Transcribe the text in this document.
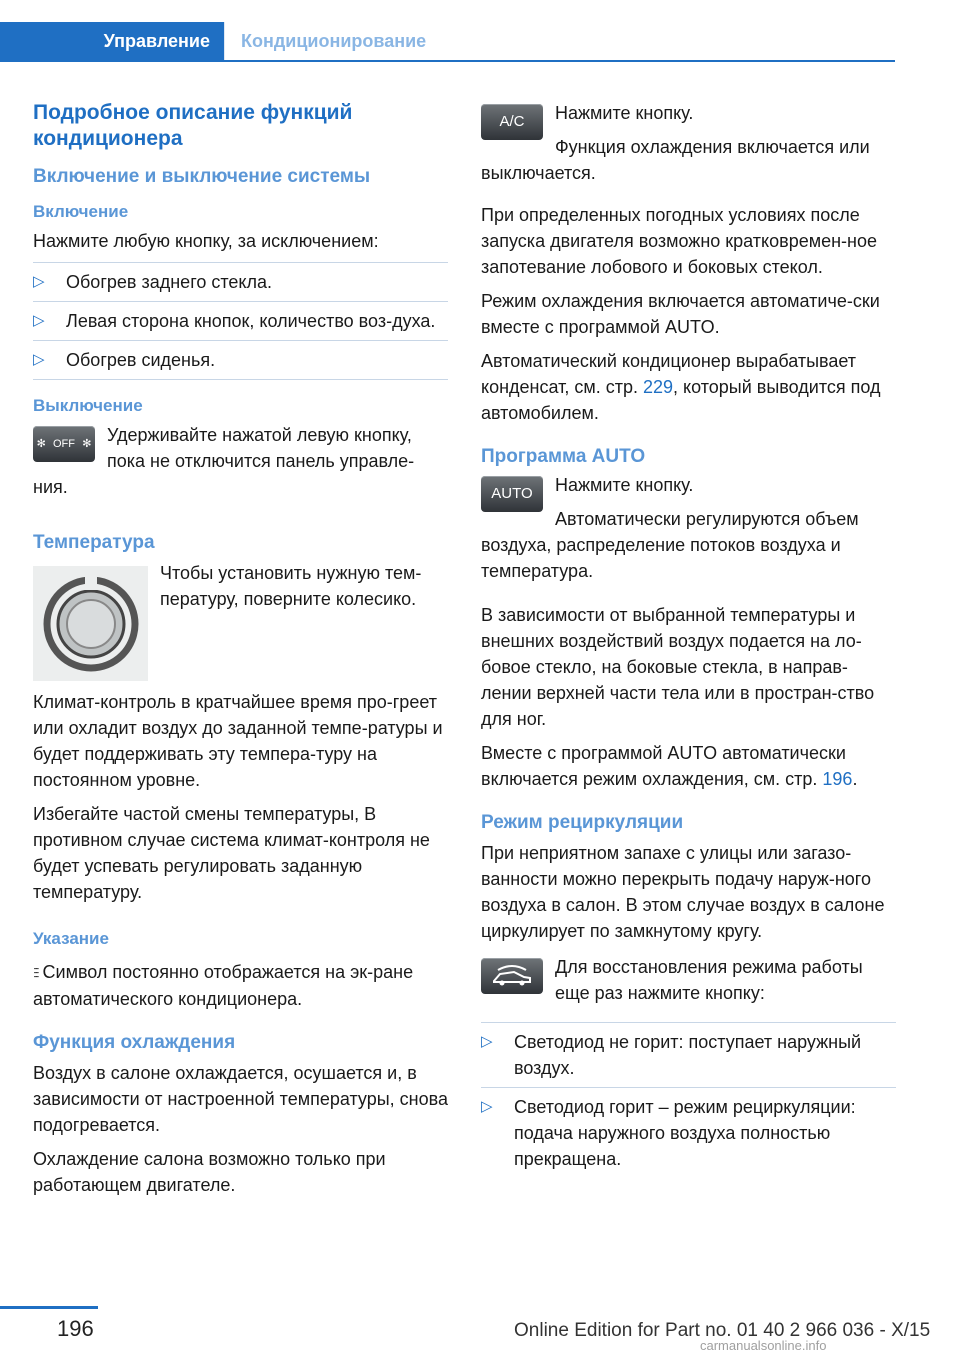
Управление Кондиционирование
Подробное описание функций кондиционера
Включение и выключение системы
Включение

Нажмите любую кнопку, за исключением:

▷ Обогрев заднего стекла.
▷ Левая сторона кнопок, количество воз‐духа.
▷ Обогрев сиденья.
Выключение
✻ OFF ✻ Удерживайте нажатой левую кнопку, пока не отключится панель управле‐ния.

Температура

Чтобы установить нужную тем‐пературу, поверните колесико.

Климат-контроль в кратчайшее время про‐греет или охладит воздух до заданной темпе‐ратуры и будет поддерживать эту темпера‐туру на постоянном уровне.

Избегайте частой смены температуры, В противном случае система климат-контроля не будет успевать регулировать заданную температуру.

Указание

⫶⫶⫶ Символ постоянно отображается на эк‐ране автоматического кондиционера.

Функция охлаждения

Воздух в салоне охлаждается, осушается и, в зависимости от настроенной температуры, снова подогревается.

Охлаждение салона возможно только при работающем двигателе.

A/C	Нажмите кнопку.

Функция охлаждения включается или выключается.

При определенных погодных условиях после запуска двигателя возможно кратковремен‐ное запотевание лобового и боковых стекол.

Режим охлаждения включается автоматиче‐ски вместе с программой AUTO.

Автоматический кондиционер вырабатывает конденсат, см. стр. 229, который выводится под автомобилем.

Программа AUTO
AUTO	Нажмите кнопку.

Автоматически регулируются объем воздуха, распределение потоков воздуха и температура.

В зависимости от выбранной температуры и внешних воздействий воздух подается на ло‐бовое стекло, на боковые стекла, в направ‐лении верхней части тела или в простран‐ство для ног.

Вместе с программой AUTO автоматически включается режим охлаждения, см. стр. 196.

Режим рециркуляции

При неприятном запахе с улицы или загазо‐ванности можно перекрыть подачу наруж‐ного воздуха в салон. В этом случае воздух в салоне циркулирует по замкнутому кругу.

Для восстановления режима работы еще раз нажмите кнопку:

▷ Светодиод не горит: поступает наружный воздух.
▷ Светодиод горит – режим рециркуляции: подача наружного воздуха полностью прекращена.
196	Online Edition for Part no. 01 40 2 966 036 - X/15
carmanualsonline.info
